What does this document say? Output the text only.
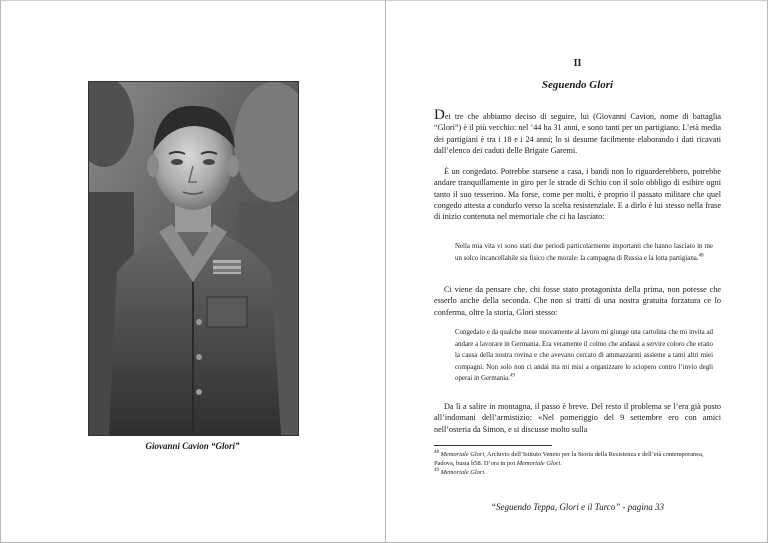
Giovanni Cavion “Glori”
II
Seguendo Glori

Dei tre che abbiamo deciso di seguire, lui (Giovanni Cavion, nome di battaglia “Glori”) è il più vecchio: nel ’44 ha 31 anni, e sono tanti per un partigiano. L’età media dei partigiani è tra i 18 e i 24 anni; lo si desume facilmente elaborando i dati ricavati dall’elenco dei caduti delle Brigate Garemi.

È un congedato. Potrebbe starsene a casa, i bandi non lo riguarderebbero, potrebbe andare tranquillamente in giro per le strade di Schio con il solo obbligo di esibire ogni tanto il suo tesserino. Ma forse, come per molti, è proprio il passato militare che quel congedo attesta a condurlo verso la scelta resistenziale. E a dirlo è lui stesso nella frase di inizio contenuta nel memoriale che ci ha lasciato:

Nella mia vita vi sono stati due periodi particolarmente importanti che hanno lasciato in me un solco incancellabile sia fisico che morale: la campagna di Russia e la lotta partigiana.$^{48}$

Ci viene da pensare che, chi fosse stato protagonista della prima, non potesse che esserlo anche della seconda. Che non si tratti di una nostra gratuita forzatura ce lo conferma, oltre la storia, Glori stesso:

Congedato e da qualche mese nuovamente al lavoro mi giunge una cartolina che mi invita ad andare a lavorare in Germania. Era veramente il colmo che andassi a servire coloro che erano la causa della nostra rovina e che avevano cercato di ammazzarmi assieme a tanti altri miei compagni. Non solo non ci andai ma mi misi a organizzare lo sciopero contro l’invio degli operai in Germania.$^{49}$

Da lì a salire in montagna, il passo è breve. Del resto il problema se l’era già posto all’indomani dell’armistizio: «Nel pomeriggio del 9 settembre ero con amici nell’osteria da Simon, e si discusse molto sulla

$^{48}$ Memoriale Glori, Archivio dell’Istituto Veneto per la Storia della Resistenza e dell’età contemporanea, Padova, busta b58. D’ora in poi Memoriale Glori.
$^{49}$ Memoriale Glori.
“Seguendo Teppa, Glori e il Turco” - pagina 33
